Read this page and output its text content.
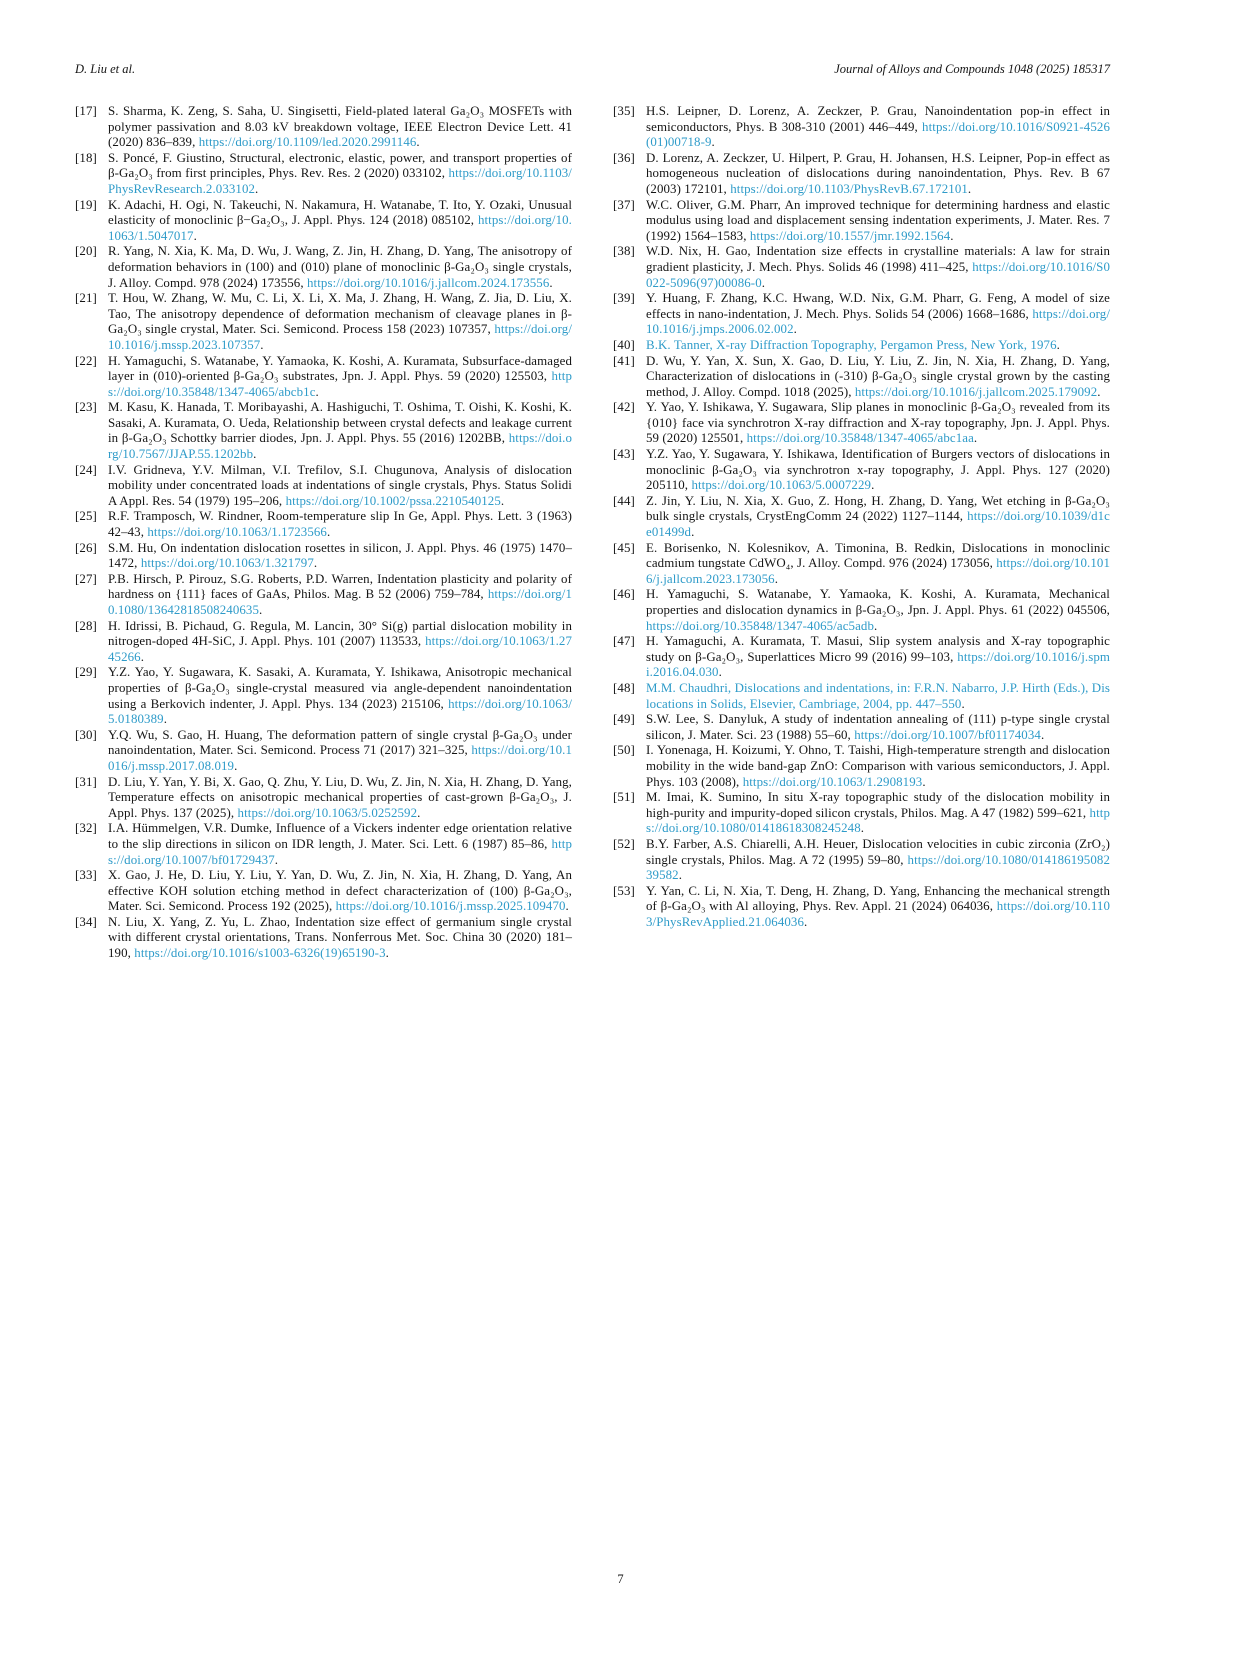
D. Liu et al.	Journal of Alloys and Compounds 1048 (2025) 185317
[17] S. Sharma, K. Zeng, S. Saha, U. Singisetti, Field-plated lateral Ga₂O₃ MOSFETs with polymer passivation and 8.03 kV breakdown voltage, IEEE Electron Device Lett. 41 (2020) 836–839, https://doi.org/10.1109/led.2020.2991146.
[18] S. Poncé, F. Giustino, Structural, electronic, elastic, power, and transport properties of β-Ga₂O₃ from first principles, Phys. Rev. Res. 2 (2020) 033102, https://doi.org/10.1103/PhysRevResearch.2.033102.
[19] K. Adachi, H. Ogi, N. Takeuchi, N. Nakamura, H. Watanabe, T. Ito, Y. Ozaki, Unusual elasticity of monoclinic β−Ga₂O₃, J. Appl. Phys. 124 (2018) 085102, https://doi.org/10.1063/1.5047017.
[20] R. Yang, N. Xia, K. Ma, D. Wu, J. Wang, Z. Jin, H. Zhang, D. Yang, The anisotropy of deformation behaviors in (100) and (010) plane of monoclinic β-Ga₂O₃ single crystals, J. Alloy. Compd. 978 (2024) 173556, https://doi.org/10.1016/j.jallcom.2024.173556.
[21] T. Hou, W. Zhang, W. Mu, C. Li, X. Li, X. Ma, J. Zhang, H. Wang, Z. Jia, D. Liu, X. Tao, The anisotropy dependence of deformation mechanism of cleavage planes in β-Ga₂O₃ single crystal, Mater. Sci. Semicond. Process 158 (2023) 107357, https://doi.org/10.1016/j.mssp.2023.107357.
[22] H. Yamaguchi, S. Watanabe, Y. Yamaoka, K. Koshi, A. Kuramata, Subsurface-damaged layer in (010)-oriented β-Ga₂O₃ substrates, Jpn. J. Appl. Phys. 59 (2020) 125503, https://doi.org/10.35848/1347-4065/abcb1c.
[23] M. Kasu, K. Hanada, T. Moribayashi, A. Hashiguchi, T. Oshima, T. Oishi, K. Koshi, K. Sasaki, A. Kuramata, O. Ueda, Relationship between crystal defects and leakage current in β-Ga₂O₃ Schottky barrier diodes, Jpn. J. Appl. Phys. 55 (2016) 1202BB, https://doi.org/10.7567/JJAP.55.1202bb.
[24] I.V. Gridneva, Y.V. Milman, V.I. Trefilov, S.I. Chugunova, Analysis of dislocation mobility under concentrated loads at indentations of single crystals, Phys. Status Solidi A Appl. Res. 54 (1979) 195–206, https://doi.org/10.1002/pssa.2210540125.
[25] R.F. Tramposch, W. Rindner, Room-temperature slip In Ge, Appl. Phys. Lett. 3 (1963) 42–43, https://doi.org/10.1063/1.1723566.
[26] S.M. Hu, On indentation dislocation rosettes in silicon, J. Appl. Phys. 46 (1975) 1470–1472, https://doi.org/10.1063/1.321797.
[27] P.B. Hirsch, P. Pirouz, S.G. Roberts, P.D. Warren, Indentation plasticity and polarity of hardness on {111} faces of GaAs, Philos. Mag. B 52 (2006) 759–784, https://doi.org/10.1080/13642818508240635.
[28] H. Idrissi, B. Pichaud, G. Regula, M. Lancin, 30° Si(g) partial dislocation mobility in nitrogen-doped 4H-SiC, J. Appl. Phys. 101 (2007) 113533, https://doi.org/10.1063/1.2745266.
[29] Y.Z. Yao, Y. Sugawara, K. Sasaki, A. Kuramata, Y. Ishikawa, Anisotropic mechanical properties of β-Ga₂O₃ single-crystal measured via angle-dependent nanoindentation using a Berkovich indenter, J. Appl. Phys. 134 (2023) 215106, https://doi.org/10.1063/5.0180389.
[30] Y.Q. Wu, S. Gao, H. Huang, The deformation pattern of single crystal β-Ga₂O₃ under nanoindentation, Mater. Sci. Semicond. Process 71 (2017) 321–325, https://doi.org/10.1016/j.mssp.2017.08.019.
[31] D. Liu, Y. Yan, Y. Bi, X. Gao, Q. Zhu, Y. Liu, D. Wu, Z. Jin, N. Xia, H. Zhang, D. Yang, Temperature effects on anisotropic mechanical properties of cast-grown β-Ga₂O₃, J. Appl. Phys. 137 (2025), https://doi.org/10.1063/5.0252592.
[32] I.A. Hümmelgen, V.R. Dumke, Influence of a Vickers indenter edge orientation relative to the slip directions in silicon on IDR length, J. Mater. Sci. Lett. 6 (1987) 85–86, https://doi.org/10.1007/bf01729437.
[33] X. Gao, J. He, D. Liu, Y. Liu, Y. Yan, D. Wu, Z. Jin, N. Xia, H. Zhang, D. Yang, An effective KOH solution etching method in defect characterization of (100) β-Ga₂O₃, Mater. Sci. Semicond. Process 192 (2025), https://doi.org/10.1016/j.mssp.2025.109470.
[34] N. Liu, X. Yang, Z. Yu, L. Zhao, Indentation size effect of germanium single crystal with different crystal orientations, Trans. Nonferrous Met. Soc. China 30 (2020) 181–190, https://doi.org/10.1016/s1003-6326(19)65190-3.
[35] H.S. Leipner, D. Lorenz, A. Zeckzer, P. Grau, Nanoindentation pop-in effect in semiconductors, Phys. B 308-310 (2001) 446–449, https://doi.org/10.1016/S0921-4526(01)00718-9.
[36] D. Lorenz, A. Zeckzer, U. Hilpert, P. Grau, H. Johansen, H.S. Leipner, Pop-in effect as homogeneous nucleation of dislocations during nanoindentation, Phys. Rev. B 67 (2003) 172101, https://doi.org/10.1103/PhysRevB.67.172101.
[37] W.C. Oliver, G.M. Pharr, An improved technique for determining hardness and elastic modulus using load and displacement sensing indentation experiments, J. Mater. Res. 7 (1992) 1564–1583, https://doi.org/10.1557/jmr.1992.1564.
[38] W.D. Nix, H. Gao, Indentation size effects in crystalline materials: A law for strain gradient plasticity, J. Mech. Phys. Solids 46 (1998) 411–425, https://doi.org/10.1016/S0022-5096(97)00086-0.
[39] Y. Huang, F. Zhang, K.C. Hwang, W.D. Nix, G.M. Pharr, G. Feng, A model of size effects in nano-indentation, J. Mech. Phys. Solids 54 (2006) 1668–1686, https://doi.org/10.1016/j.jmps.2006.02.002.
[40] B.K. Tanner, X-ray Diffraction Topography, Pergamon Press, New York, 1976.
[41] D. Wu, Y. Yan, X. Sun, X. Gao, D. Liu, Y. Liu, Z. Jin, N. Xia, H. Zhang, D. Yang, Characterization of dislocations in (-310) β-Ga₂O₃ single crystal grown by the casting method, J. Alloy. Compd. 1018 (2025), https://doi.org/10.1016/j.jallcom.2025.179092.
[42] Y. Yao, Y. Ishikawa, Y. Sugawara, Slip planes in monoclinic β-Ga₂O₃ revealed from its {010} face via synchrotron X-ray diffraction and X-ray topography, Jpn. J. Appl. Phys. 59 (2020) 125501, https://doi.org/10.35848/1347-4065/abc1aa.
[43] Y.Z. Yao, Y. Sugawara, Y. Ishikawa, Identification of Burgers vectors of dislocations in monoclinic β-Ga₂O₃ via synchrotron x-ray topography, J. Appl. Phys. 127 (2020) 205110, https://doi.org/10.1063/5.0007229.
[44] Z. Jin, Y. Liu, N. Xia, X. Guo, Z. Hong, H. Zhang, D. Yang, Wet etching in β-Ga₂O₃ bulk single crystals, CrystEngComm 24 (2022) 1127–1144, https://doi.org/10.1039/d1ce01499d.
[45] E. Borisenko, N. Kolesnikov, A. Timonina, B. Redkin, Dislocations in monoclinic cadmium tungstate CdWO₄, J. Alloy. Compd. 976 (2024) 173056, https://doi.org/10.1016/j.jallcom.2023.173056.
[46] H. Yamaguchi, S. Watanabe, Y. Yamaoka, K. Koshi, A. Kuramata, Mechanical properties and dislocation dynamics in β-Ga₂O₃, Jpn. J. Appl. Phys. 61 (2022) 045506, https://doi.org/10.35848/1347-4065/ac5adb.
[47] H. Yamaguchi, A. Kuramata, T. Masui, Slip system analysis and X-ray topographic study on β-Ga₂O₃, Superlattices Micro 99 (2016) 99–103, https://doi.org/10.1016/j.spmi.2016.04.030.
[48] M.M. Chaudhri, Dislocations and indentations, in: F.R.N. Nabarro, J.P. Hirth (Eds.), Dislocations in Solids, Elsevier, Cambriage, 2004, pp. 447–550.
[49] S.W. Lee, S. Danyluk, A study of indentation annealing of (111) p-type single crystal silicon, J. Mater. Sci. 23 (1988) 55–60, https://doi.org/10.1007/bf01174034.
[50] I. Yonenaga, H. Koizumi, Y. Ohno, T. Taishi, High-temperature strength and dislocation mobility in the wide band-gap ZnO: Comparison with various semiconductors, J. Appl. Phys. 103 (2008), https://doi.org/10.1063/1.2908193.
[51] M. Imai, K. Sumino, In situ X-ray topographic study of the dislocation mobility in high-purity and impurity-doped silicon crystals, Philos. Mag. A 47 (1982) 599–621, https://doi.org/10.1080/01418618308245248.
[52] B.Y. Farber, A.S. Chiarelli, A.H. Heuer, Dislocation velocities in cubic zirconia (ZrO₂) single crystals, Philos. Mag. A 72 (1995) 59–80, https://doi.org/10.1080/01418619508239582.
[53] Y. Yan, C. Li, N. Xia, T. Deng, H. Zhang, D. Yang, Enhancing the mechanical strength of β-Ga₂O₃ with Al alloying, Phys. Rev. Appl. 21 (2024) 064036, https://doi.org/10.1103/PhysRevApplied.21.064036.
7
